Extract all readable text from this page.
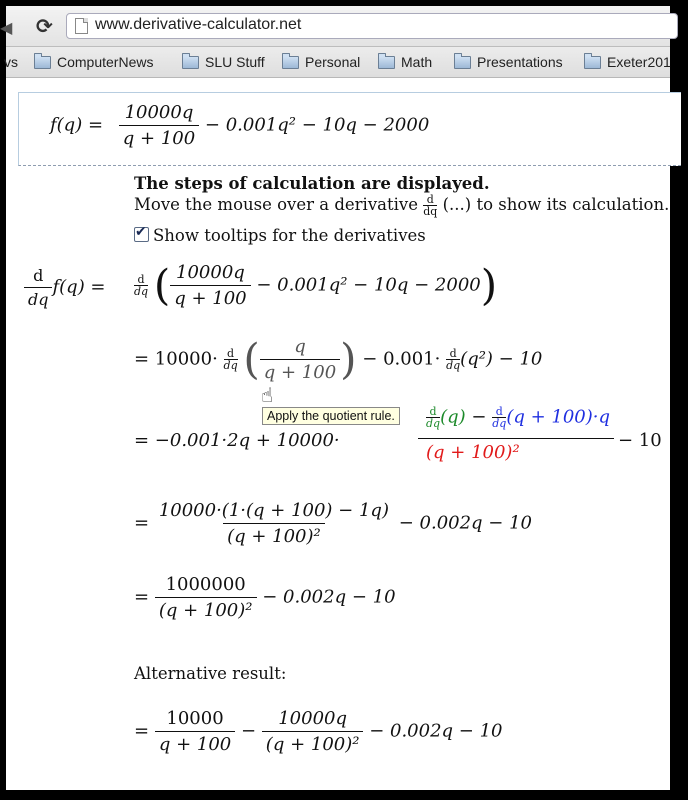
◀ ⟳	www.derivative-calculator.net
vs	ComputerNews	SLU Stuff	Personal	Math	Presentations	Exeter201
$f(q) = \frac{10000q}{q + 100} - 0.001q^2 - 10q - 2000$
The steps of calculation are displayed.
Move the mouse over a derivative $\frac{d}{dq}$ (...) to show its calculation.
✔Show tooltips for the derivatives
$\frac{d}{dq} f(q)$ =	$\frac{d}{dq}$ ( $\frac{10000q}{q + 100} - 0.001q^2 - 10q - 2000$)
= $10000\cdot \frac{d}{dq}$ ( $\frac{q}{q + 100}$ ) − $0.001\cdot \frac{d}{dq} (q^2) - 10$
= −0.001·2q + 10000·
$\frac{d}{dq} (q) - \frac{d}{dq} (q + 100)\cdot q$
(q + 100)²
− 10
Apply the quotient rule.
☝
= $\frac{10000\cdot(1\cdot(q + 100) - 1q)}{\text{(q + 100)²}} - 0.002q - 10$
= $\frac{1000000}{\text{(q + 100)²}} - 0.002q - 10$
Alternative result:
= $\frac{10000}{q + 100} - \frac{10000q}{\text{(q + 100)²}} - 0.002q - 10$
